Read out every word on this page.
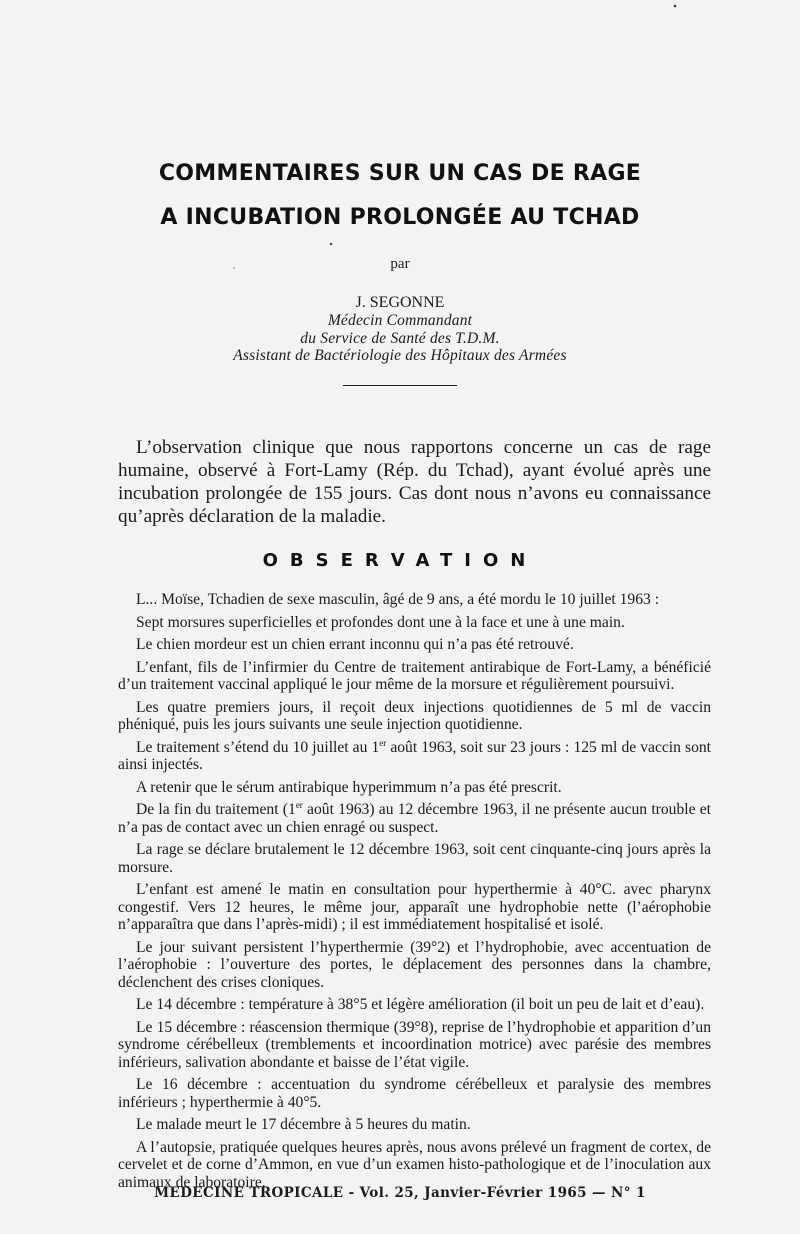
COMMENTAIRES SUR UN CAS DE RAGE
A INCUBATION PROLONGÉE AU TCHAD
par
J. SEGONNE
Médecin Commandant
du Service de Santé des T.D.M.
Assistant de Bactériologie des Hôpitaux des Armées
L’observation clinique que nous rapportons concerne un cas de rage humaine, observé à Fort-Lamy (Rép. du Tchad), ayant évolué après une incubation prolongée de 155 jours. Cas dont nous n’avons eu connaissance qu’après déclaration de la maladie.
OBSERVATION

L... Moïse, Tchadien de sexe masculin, âgé de 9 ans, a été mordu le 10 juillet 1963 :

Sept morsures superficielles et profondes dont une à la face et une à une main.

Le chien mordeur est un chien errant inconnu qui n’a pas été retrouvé.

L’enfant, fils de l’infirmier du Centre de traitement antirabique de Fort-Lamy, a bénéficié d’un traitement vaccinal appliqué le jour même de la morsure et régulièrement poursuivi.

Les quatre premiers jours, il reçoit deux injections quotidiennes de 5 ml de vaccin phéniqué, puis les jours suivants une seule injection quotidienne.

Le traitement s’étend du 10 juillet au 1er août 1963, soit sur 23 jours : 125 ml de vaccin sont ainsi injectés.

A retenir que le sérum antirabique hyperimmum n’a pas été prescrit.

De la fin du traitement (1er août 1963) au 12 décembre 1963, il ne présente aucun trouble et n’a pas de contact avec un chien enragé ou suspect.

La rage se déclare brutalement le 12 décembre 1963, soit cent cinquante-cinq jours après la morsure.

L’enfant est amené le matin en consultation pour hyperthermie à 40°C. avec pharynx congestif. Vers 12 heures, le même jour, apparaît une hydrophobie nette (l’aérophobie n’apparaîtra que dans l’après-midi) ; il est immédiatement hospitalisé et isolé.

Le jour suivant persistent l’hyperthermie (39°2) et l’hydrophobie, avec accentuation de l’aérophobie : l’ouverture des portes, le déplacement des personnes dans la chambre, déclenchent des crises cloniques.

Le 14 décembre : température à 38°5 et légère amélioration (il boit un peu de lait et d’eau).

Le 15 décembre : réascension thermique (39°8), reprise de l’hydrophobie et apparition d’un syndrome cérébelleux (tremblements et incoordination motrice) avec parésie des membres inférieurs, salivation abondante et baisse de l’état vigile.

Le 16 décembre : accentuation du syndrome cérébelleux et paralysie des membres inférieurs ; hyperthermie à 40°5.

Le malade meurt le 17 décembre à 5 heures du matin.

A l’autopsie, pratiquée quelques heures après, nous avons prélevé un fragment de cortex, de cervelet et de corne d’Ammon, en vue d’un examen histo-pathologique et de l’inoculation aux animaux de laboratoire.

MEDECINE TROPICALE - Vol. 25, Janvier-Février 1965 — N° 1
